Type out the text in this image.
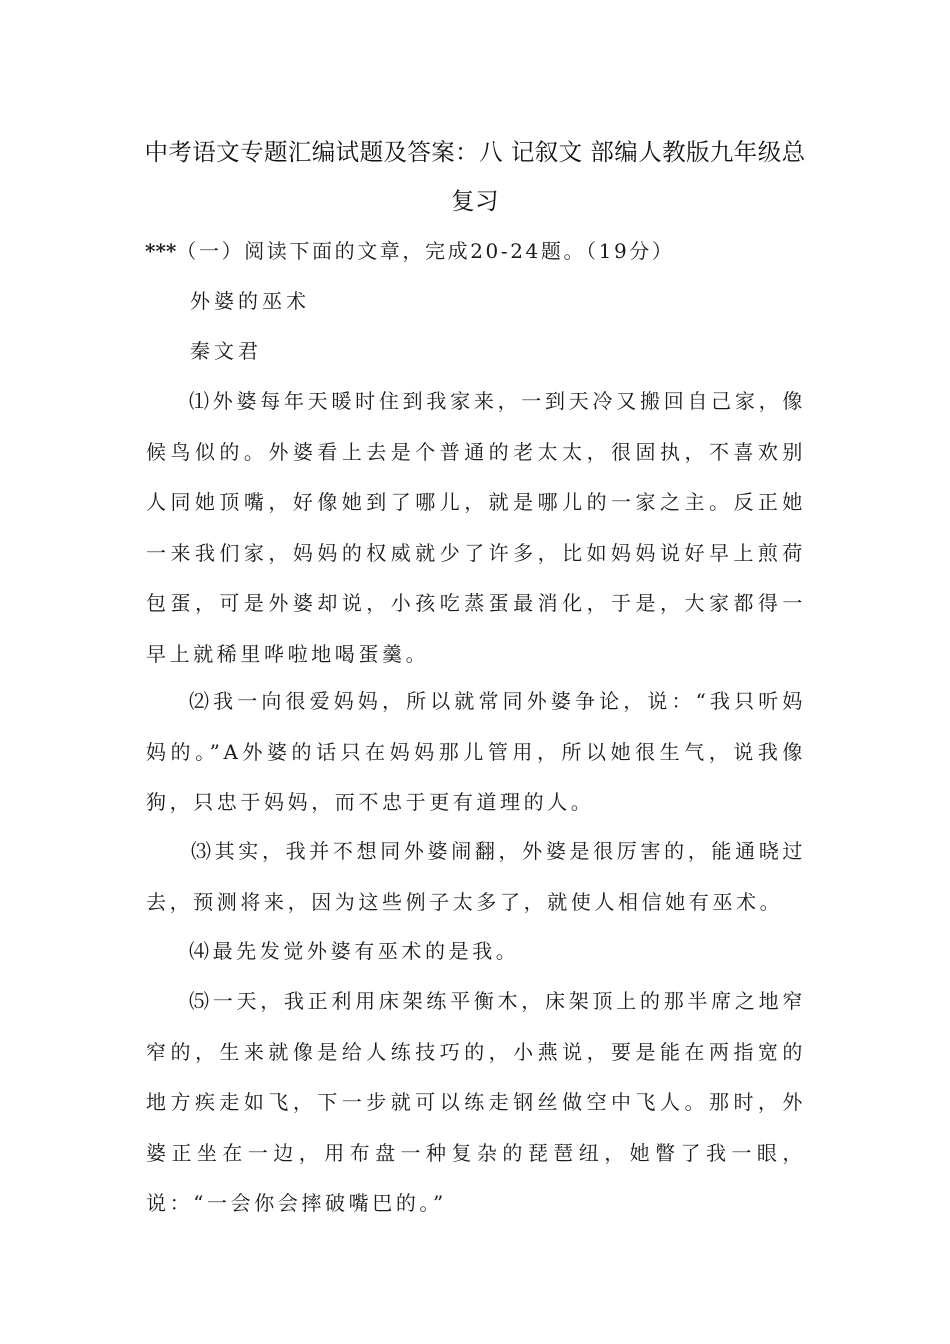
中考语文专题汇编试题及答案：八 记叙文 部编人教版九年级总复习
***（一）阅读下面的文章，完成20-24题。（19分）
外婆的巫术
秦文君
⑴外婆每年天暖时住到我家来，一到天冷又搬回自己家，像候鸟似的。外婆看上去是个普通的老太太，很固执，不喜欢别人同她顶嘴，好像她到了哪儿，就是哪儿的一家之主。反正她一来我们家，妈妈的权威就少了许多，比如妈妈说好早上煎荷包蛋，可是外婆却说，小孩吃蒸蛋最消化，于是，大家都得一早上就稀里哗啦地喝蛋羹。
⑵我一向很爱妈妈，所以就常同外婆争论，说：“我只听妈妈的。”A外婆的话只在妈妈那儿管用，所以她很生气，说我像狗，只忠于妈妈，而不忠于更有道理的人。
⑶其实，我并不想同外婆闹翻，外婆是很厉害的，能通晓过去，预测将来，因为这些例子太多了，就使人相信她有巫术。
⑷最先发觉外婆有巫术的是我。
⑸一天，我正利用床架练平衡木，床架顶上的那半席之地窄窄的，生来就像是给人练技巧的，小燕说，要是能在两指宽的地方疾走如飞，下一步就可以练走钢丝做空中飞人。那时，外婆正坐在一边，用布盘一种复杂的琵琶纽，她瞥了我一眼，说：“一会你会摔破嘴巴的。”
